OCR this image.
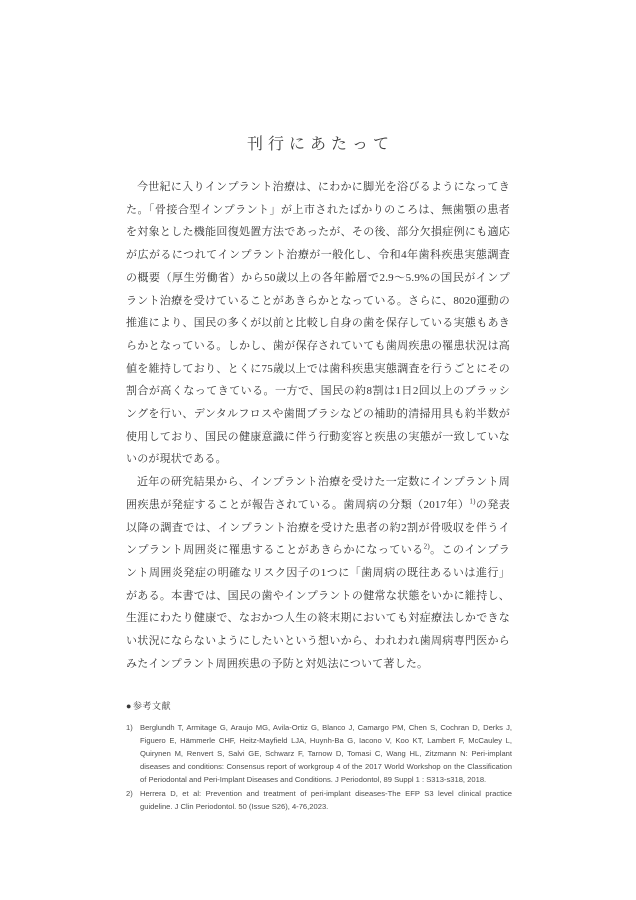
刊行にあたって

今世紀に入りインプラント治療は、にわかに脚光を浴びるようになってきた。「骨接合型インプラント」が上市されたばかりのころは、無歯顎の患者を対象とした機能回復処置方法であったが、その後、部分欠損症例にも適応が広がるにつれてインプラント治療が一般化し、令和4年歯科疾患実態調査の概要（厚生労働省）から50歳以上の各年齢層で2.9〜5.9%の国民がインプラント治療を受けていることがあきらかとなっている。さらに、8020運動の推進により、国民の多くが以前と比較し自身の歯を保存している実態もあきらかとなっている。しかし、歯が保存されていても歯周疾患の罹患状況は高値を維持しており、とくに75歳以上では歯科疾患実態調査を行うごとにその割合が高くなってきている。一方で、国民の約8割は1日2回以上のブラッシングを行い、デンタルフロスや歯間ブラシなどの補助的清掃用具も約半数が使用しており、国民の健康意識に伴う行動変容と疾患の実態が一致していないのが現状である。

近年の研究結果から、インプラント治療を受けた一定数にインプラント周囲疾患が発症することが報告されている。歯周病の分類（2017年）$^{1)}$の発表以降の調査では、インプラント治療を受けた患者の約2割が骨吸収を伴うインプラント周囲炎に罹患することがあきらかになっている$^{2)}$。このインプラント周囲炎発症の明確なリスク因子の1つに「歯周病の既往あるいは進行」がある。本書では、国民の歯やインプラントの健常な状態をいかに維持し、生涯にわたり健康で、なおかつ人生の終末期においても対症療法しかできない状況にならないようにしたいという想いから、われわれ歯周病専門医からみたインプラント周囲疾患の予防と対処法について著した。

●参考文献

1) Berglundh T, Armitage G, Araujo MG, Avila-Ortiz G, Blanco J, Camargo PM, Chen S, Cochran D, Derks J, Figuero E, Hämmerle CHF, Heitz-Mayfield LJA, Huynh-Ba G, Iacono V, Koo KT, Lambert F, McCauley L, Quirynen M, Renvert S, Salvi GE, Schwarz F, Tarnow D, Tomasi C, Wang HL, Zitzmann N: Peri-implant diseases and conditions: Consensus report of workgroup 4 of the 2017 World Workshop on the Classification of Periodontal and Peri-Implant Diseases and Conditions. J Periodontol, 89 Suppl 1 : S313-s318, 2018.

2) Herrera D, et al: Prevention and treatment of peri-implant diseases-The EFP S3 level clinical practice guideline. J Clin Periodontol. 50 (Issue S26), 4-76,2023.
